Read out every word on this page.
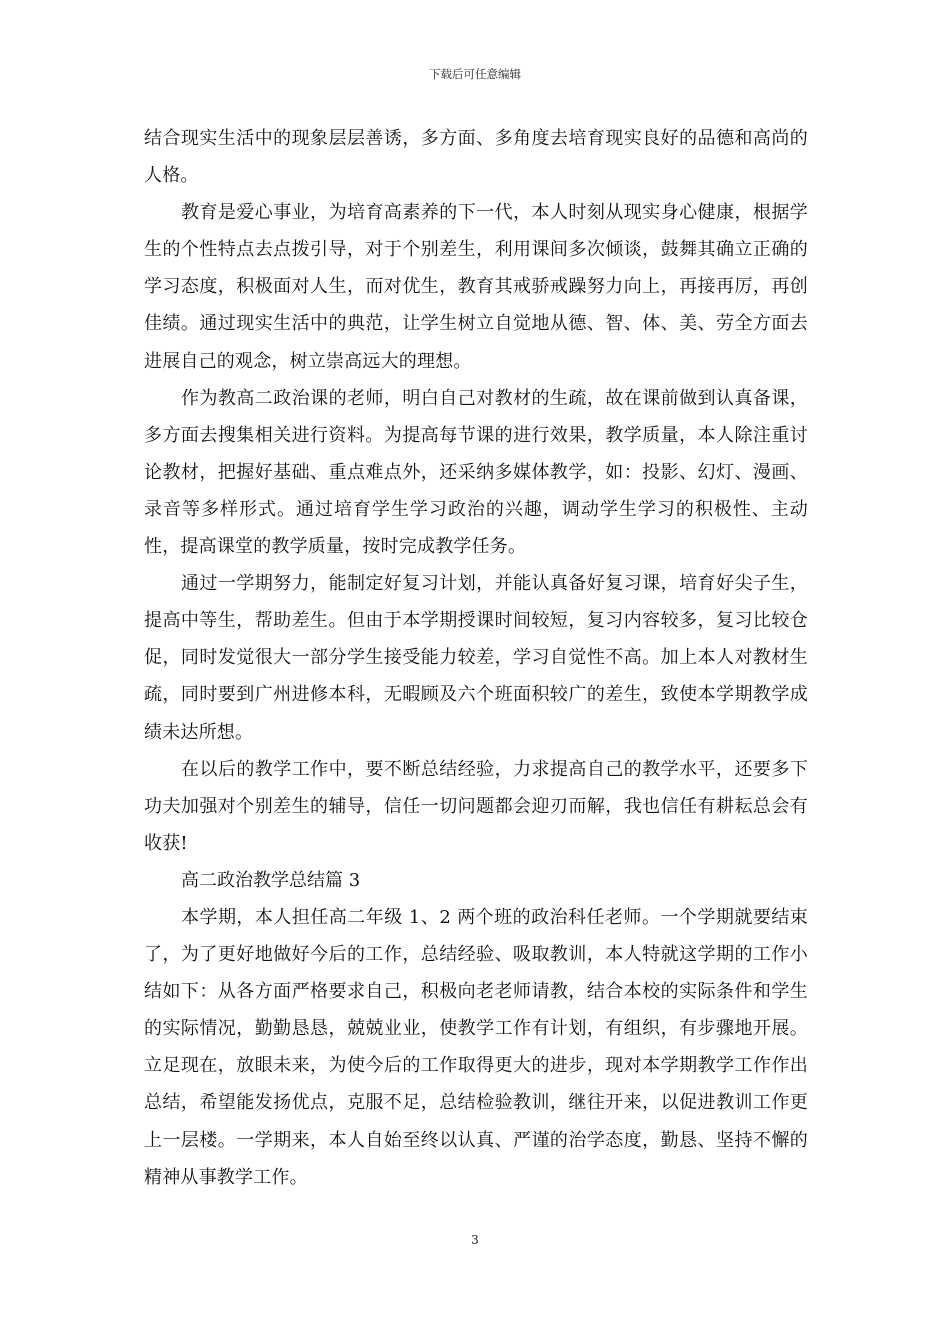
下载后可任意编辑

结合现实生活中的现象层层善诱，多方面、多角度去培育现实良好的品德和高尚的人格。

教育是爱心事业，为培育高素养的下一代，本人时刻从现实身心健康，根据学生的个性特点去点拨引导，对于个别差生，利用课间多次倾谈，鼓舞其确立正确的学习态度，积极面对人生，而对优生，教育其戒骄戒躁努力向上，再接再厉，再创佳绩。通过现实生活中的典范，让学生树立自觉地从德、智、体、美、劳全方面去进展自己的观念，树立崇高远大的理想。

作为教高二政治课的老师，明白自己对教材的生疏，故在课前做到认真备课，多方面去搜集相关进行资料。为提高每节课的进行效果，教学质量，本人除注重讨论教材，把握好基础、重点难点外，还采纳多媒体教学，如：投影、幻灯、漫画、录音等多样形式。通过培育学生学习政治的兴趣，调动学生学习的积极性、主动性，提高课堂的教学质量，按时完成教学任务。

通过一学期努力，能制定好复习计划，并能认真备好复习课，培育好尖子生，提高中等生，帮助差生。但由于本学期授课时间较短，复习内容较多，复习比较仓促，同时发觉很大一部分学生接受能力较差，学习自觉性不高。加上本人对教材生疏，同时要到广州进修本科，无暇顾及六个班面积较广的差生，致使本学期教学成绩未达所想。

在以后的教学工作中，要不断总结经验，力求提高自己的教学水平，还要多下功夫加强对个别差生的辅导，信任一切问题都会迎刃而解，我也信任有耕耘总会有收获!

高二政治教学总结篇 3

本学期，本人担任高二年级 1、2 两个班的政治科任老师。一个学期就要结束了，为了更好地做好今后的工作，总结经验、吸取教训，本人特就这学期的工作小结如下：从各方面严格要求自己，积极向老老师请教，结合本校的实际条件和学生的实际情况，勤勤恳恳，兢兢业业，使教学工作有计划，有组织，有步骤地开展。立足现在，放眼未来，为使今后的工作取得更大的进步，现对本学期教学工作作出总结，希望能发扬优点，克服不足，总结检验教训，继往开来，以促进教训工作更上一层楼。一学期来，本人自始至终以认真、严谨的治学态度，勤恳、坚持不懈的精神从事教学工作。

3
